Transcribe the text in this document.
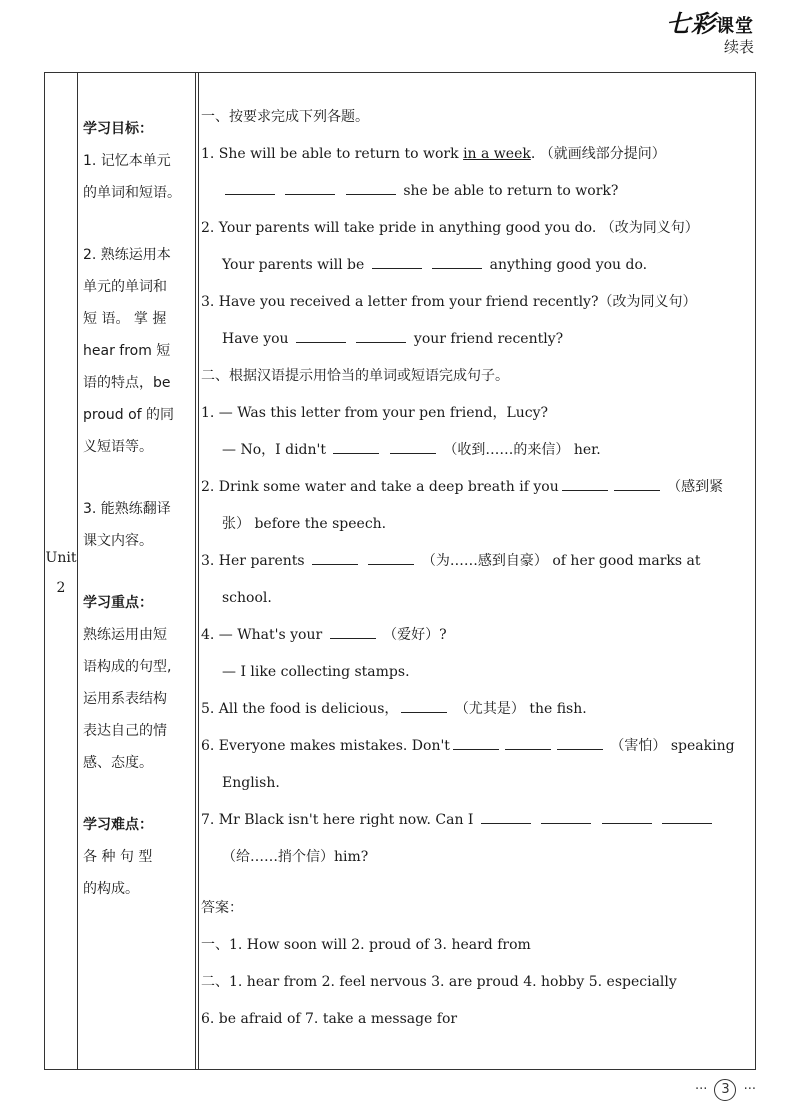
七彩课堂
续表
Unit
2
学习目标：
1. 记忆本单元
的单词和短语。
2. 熟练运用本
单元的单词和
短 语。 掌 握
hear from 短
语的特点，be
proud of 的同
义短语等。
3. 能熟练翻译
课文内容。
学习重点：
熟练运用由短
语构成的句型,
运用系表结构
表达自己的情
感、态度。
学习难点：
各 种 句 型
的构成。
一、按要求完成下列各题。
1. She will be able to return to work in a week. （就画线部分提问）
she be able to return to work?
2. Your parents will take pride in anything good you do. （改为同义句）
Your parents will be	anything good you do.
3. Have you received a letter from your friend recently?（改为同义句）
Have you	your friend recently?
二、根据汉语提示用恰当的单词或短语完成句子。
1. — Was this letter from your pen friend，Lucy?
— No，I didn't	（收到……的来信） her.
2. Drink some water and take a deep breath if you	（感到紧
张） before the speech.
3. Her parents	（为……感到自豪） of her good marks at
school.
4. — What's your	（爱好）?
— I like collecting stamps.
5. All the food is delicious，	（尤其是） the fish.
6. Everyone makes mistakes. Don't	（害怕） speaking
English.
7. Mr Black isn't here right now. Can I
（给……捎个信）him?
答案：
一、1. How soon will 2. proud of 3. heard from
二、1. hear from 2. feel nervous 3. are proud 4. hobby 5. especially
6. be afraid of 7. take a message for
··· 3 ···
